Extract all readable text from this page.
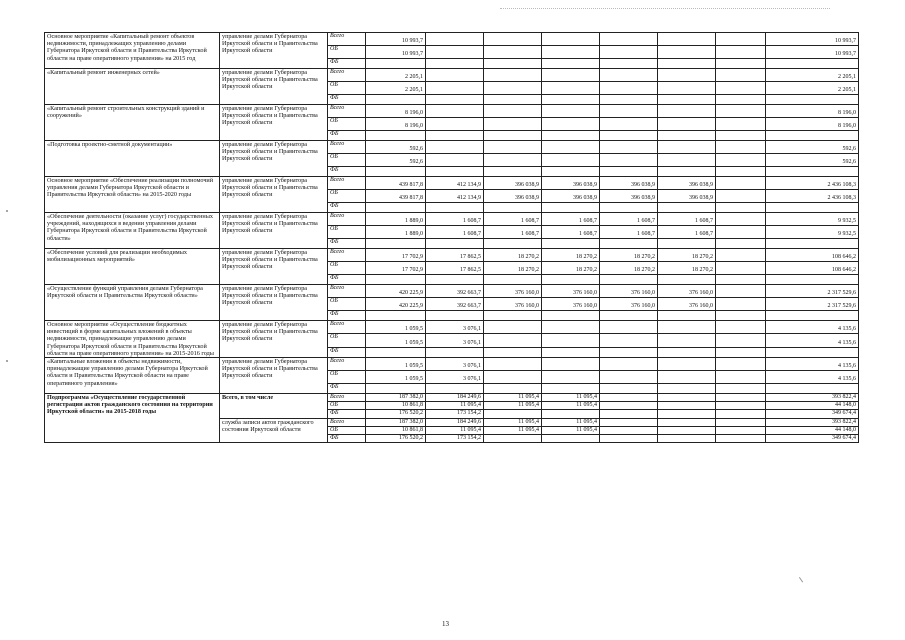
Основное мероприятие «Капитальный ремонт объектов недвижимости, принадлежащих управлению делами Губернатора Иркутской области и Правительства Иркутской области на праве оперативного управления» на 2015 год	управление делами Губернатора Иркутской области и Правительства Иркутской области	Всего	10 993,7							10 993,7
		ОБ	10 993,7							10 993,7
		ФБ								
«Капитальный ремонт инженерных сетей»	управление делами Губернатора Иркутской области и Правительства Иркутской области	Всего	2 205,1							2 205,1
		ОБ	2 205,1							2 205,1
		ФБ								
«Капитальный ремонт строительных конструкций зданий и сооружений»	управление делами Губернатора Иркутской области и Правительства Иркутской области	Всего	8 196,0							8 196,0
		ОБ	8 196,0							8 196,0
		ФБ								
«Подготовка проектно-сметной документации»	управление делами Губернатора Иркутской области и Правительства Иркутской области	Всего	592,6							592,6
		ОБ	592,6							592,6
		ФБ								
Основное мероприятие «Обеспечение реализации полномочий управления делами Губернатора Иркутской области и Правительства Иркутской области» на 2015-2020 годы	управление делами Губернатора Иркутской области и Правительства Иркутской области	Всего	439 817,8	412 134,9	396 038,9	396 038,9	396 038,9	396 038,9		2 436 108,3
		ОБ	439 817,8	412 134,9	396 038,9	396 038,9	396 038,9	396 038,9		2 436 108,3
		ФБ								
«Обеспечение деятельности (оказание услуг) государственных учреждений, находящихся в ведении управления делами Губернатора Иркутской области и Правительства Иркутской области»	управление делами Губернатора Иркутской области и Правительства Иркутской области	Всего	1 889,0	1 608,7	1 608,7	1 608,7	1 608,7	1 608,7		9 932,5
		ОБ	1 889,0	1 608,7	1 608,7	1 608,7	1 608,7	1 608,7		9 932,5
		ФБ								
«Обеспечение условий для реализации необходимых мобилизационных мероприятий»	управление делами Губернатора Иркутской области и Правительства Иркутской области	Всего	17 702,9	17 862,5	18 270,2	18 270,2	18 270,2	18 270,2		108 646,2
		ОБ	17 702,9	17 862,5	18 270,2	18 270,2	18 270,2	18 270,2		108 646,2
		ФБ								
«Осуществление функций управления делами Губернатора Иркутской области и Правительства Иркутской области»	управление делами Губернатора Иркутской области и Правительства Иркутской области	Всего	420 225,9	392 663,7	376 160,0	376 160,0	376 160,0	376 160,0		2 317 529,6
		ОБ	420 225,9	392 663,7	376 160,0	376 160,0	376 160,0	376 160,0		2 317 529,6
		ФБ								
Основное мероприятие «Осуществление бюджетных инвестиций в форме капитальных вложений в объекты недвижимости, принадлежащие управлению делами Губернатора Иркутской области и Правительства Иркутской области на праве оперативного управления» на 2015-2016 годы	управление делами Губернатора Иркутской области и Правительства Иркутской области	Всего	1 059,5	3 076,1						4 135,6
		ОБ	1 059,5	3 076,1						4 135,6
		ФБ								
«Капитальные вложения в объекты недвижимости, принадлежащие управлению делами Губернатора Иркутской области и Правительства Иркутской области на праве оперативного управления»	управление делами Губернатора Иркутской области и Правительства Иркутской области	Всего	1 059,5	3 076,1						4 135,6
		ОБ	1 059,5	3 076,1						4 135,6
		ФБ								
Подпрограмма «Осуществление государственной регистрации актов гражданского состояния на территории Иркутской области» на 2015-2018 годы	Всего, в том числе	Всего	187 382,0	184 249,6	11 095,4	11 095,4				393 822,4
		ОБ	10 861,8	11 095,4	11 095,4	11 095,4				44 148,0
		ФБ	176 520,2	173 154,2						349 674,4
	служба записи актов гражданского состояния Иркутской области	Всего	187 382,0	184 249,6	11 095,4	11 095,4				393 822,4
		ОБ	10 861,8	11 095,4	11 095,4	11 095,4				44 148,0
		ФБ	176 520,2	173 154,2						349 674,4
13
